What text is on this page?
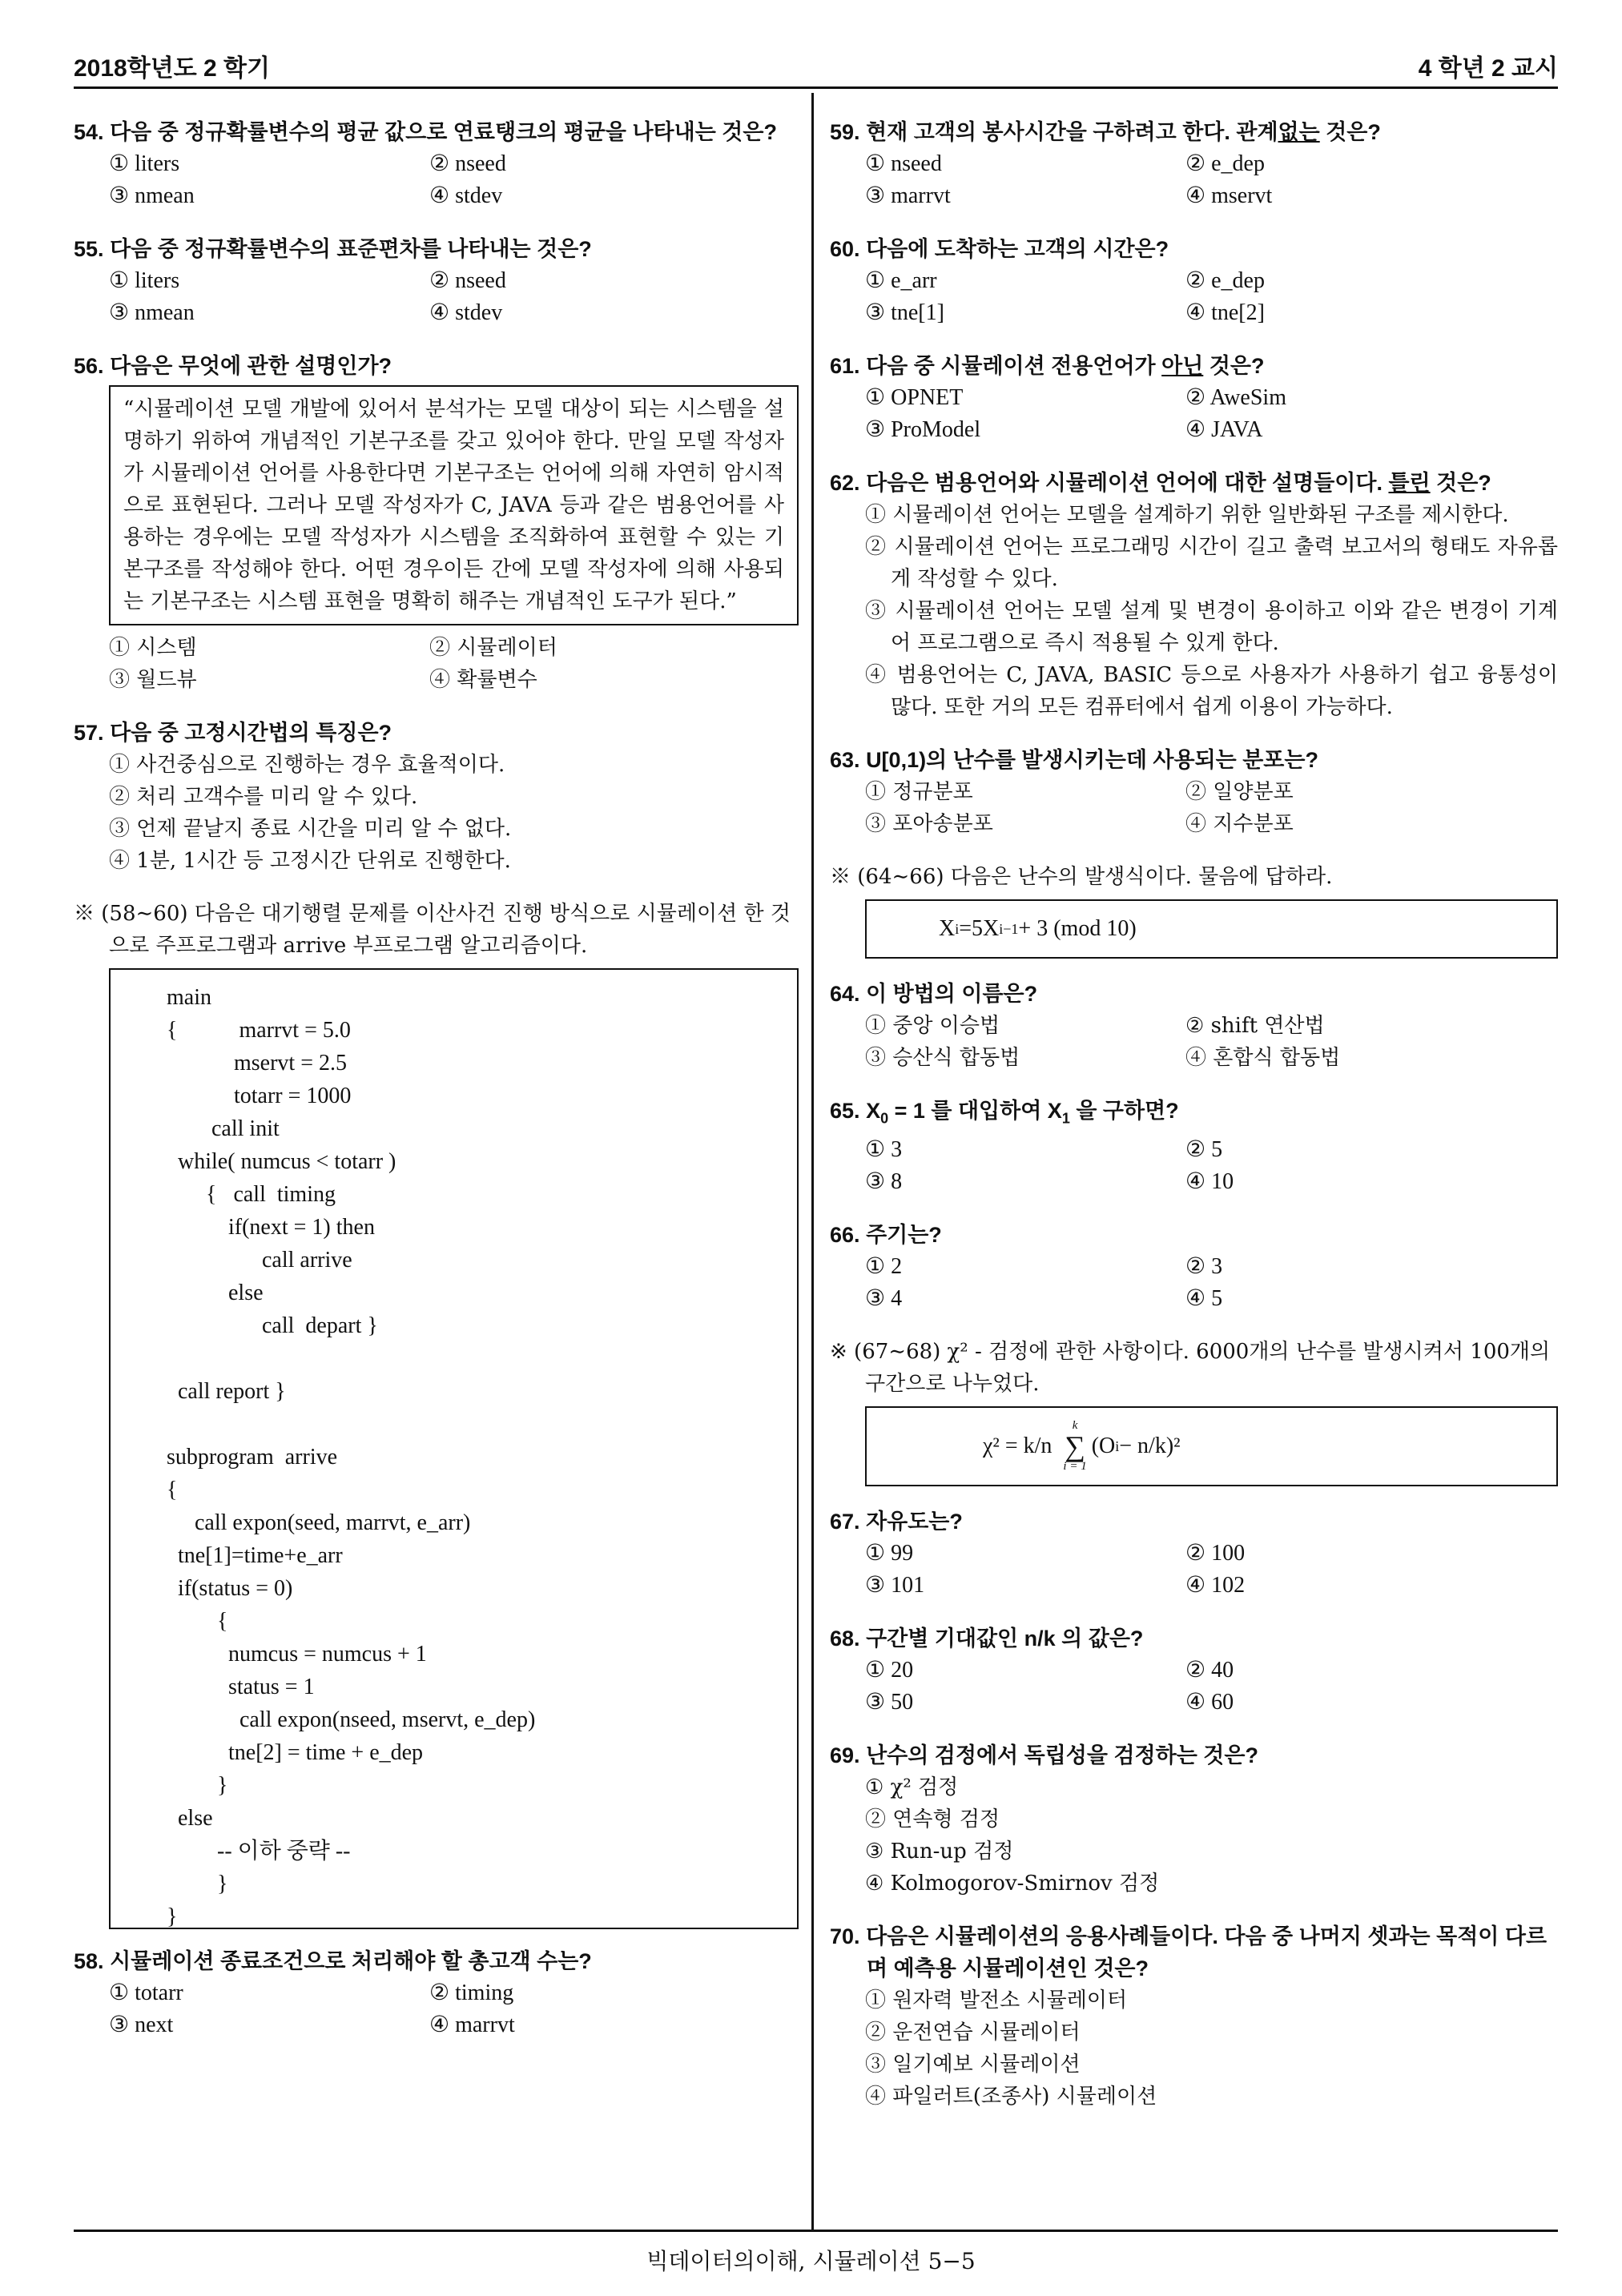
2018학년도 2 학기	4 학년 2 교시
54. 다음 중 정규확률변수의 평균 값으로 연료탱크의 평균을 나타내는 것은?
① liters	② nseed
③ nmean	④ stdev
55. 다음 중 정규확률변수의 표준편차를 나타내는 것은?
① liters	② nseed
③ nmean	④ stdev
56. 다음은 무엇에 관한 설명인가?
“시뮬레이션 모델 개발에 있어서 분석가는 모델 대상이 되는 시스템을 설명하기 위하여 개념적인 기본구조를 갖고 있어야 한다. 만일 모델 작성자가 시뮬레이션 언어를 사용한다면 기본구조는 언어에 의해 자연히 암시적으로 표현된다. 그러나 모델 작성자가 C, JAVA 등과 같은 범용언어를 사용하는 경우에는 모델 작성자가 시스템을 조직화하여 표현할 수 있는 기본구조를 작성해야 한다. 어떤 경우이든 간에 모델 작성자에 의해 사용되는 기본구조는 시스템 표현을 명확히 해주는 개념적인 도구가 된다.”
① 시스템	② 시뮬레이터
③ 월드뷰	④ 확률변수
57. 다음 중 고정시간법의 특징은?
① 사건중심으로 진행하는 경우 효율적이다.
② 처리 고객수를 미리 알 수 있다.
③ 언제 끝날지 종료 시간을 미리 알 수 없다.
④ 1분, 1시간 등 고정시간 단위로 진행한다.
※ (58∼60) 다음은 대기행렬 문제를 이산사건 진행 방식으로 시뮬레이션 한 것으로 주프로그램과 arrive 부프로그램 알고리즘이다.
main
{           marrvt = 5.0
mservt = 2.5
totarr = 1000
call init
while( numcus < totarr )
{   call  timing
if(next = 1) then
call arrive
else
call  depart }

call report }

subprogram  arrive
{
call expon(seed, marrvt, e_arr)
tne[1]=time+e_arr
if(status = 0)
{
numcus = numcus + 1
status = 1
call expon(nseed, mservt, e_dep)
tne[2] = time + e_dep
}
else
-- 이하 중략 --
}
}
58. 시뮬레이션 종료조건으로 처리해야 할 총고객 수는?
① totarr	② timing
③ next	④ marrvt
59. 현재 고객의 봉사시간을 구하려고 한다. 관계없는 것은?
① nseed	② e_dep
③ marrvt	④ mservt
60. 다음에 도착하는 고객의 시간은?
① e_arr	② e_dep
③ tne[1]	④ tne[2]
61. 다음 중 시뮬레이션 전용언어가 아닌 것은?
① OPNET	② AweSim
③ ProModel	④ JAVA
62. 다음은 범용언어와 시뮬레이션 언어에 대한 설명들이다. 틀린 것은?
① 시뮬레이션 언어는 모델을 설계하기 위한 일반화된 구조를 제시한다.
② 시뮬레이션 언어는 프로그래밍 시간이 길고 출력 보고서의 형태도 자유롭게 작성할 수 있다.
③ 시뮬레이션 언어는 모델 설계 및 변경이 용이하고 이와 같은 변경이 기계어 프로그램으로 즉시 적용될 수 있게 한다.
④ 범용언어는 C, JAVA, BASIC 등으로 사용자가 사용하기 쉽고 융통성이 많다. 또한 거의 모든 컴퓨터에서 쉽게 이용이 가능하다.
63. U[0,1)의 난수를 발생시키는데 사용되는 분포는?
① 정규분포	② 일양분포
③ 포아송분포	④ 지수분포
※ (64∼66) 다음은 난수의 발생식이다. 물음에 답하라.
X i =5X i−1 + 3 (mod 10)
64. 이 방법의 이름은?
① 중앙 이승법	② shift 연산법
③ 승산식 합동법	④ 혼합식 합동법
65. $X_0 = 1$ 를 대입하여 $X_1$ 을 구하면?
① 3	② 5
③ 8	④ 10
66. 주기는?
① 2	② 3
③ 4	④ 5
※ (67∼68) χ² - 검정에 관한 사항이다. 6000개의 난수를 발생시켜서 100개의 구간으로 나누었다.
χ² = k/n
k
∑
i = 1
(O i − n/k)²
67. 자유도는?
① 99	② 100
③ 101	④ 102
68. 구간별 기대값인 n/k 의 값은?
① 20	② 40
③ 50	④ 60
69. 난수의 검정에서 독립성을 검정하는 것은?
① χ² 검정
② 연속형 검정
③ Run-up 검정
④ Kolmogorov-Smirnov 검정
70. 다음은 시뮬레이션의 응용사례들이다. 다음 중 나머지 셋과는 목적이 다르며 예측용 시뮬레이션인 것은?
① 원자력 발전소 시뮬레이터
② 운전연습 시뮬레이터
③ 일기예보 시뮬레이션
④ 파일러트(조종사) 시뮬레이션
빅데이터의이해, 시뮬레이션 5−5
